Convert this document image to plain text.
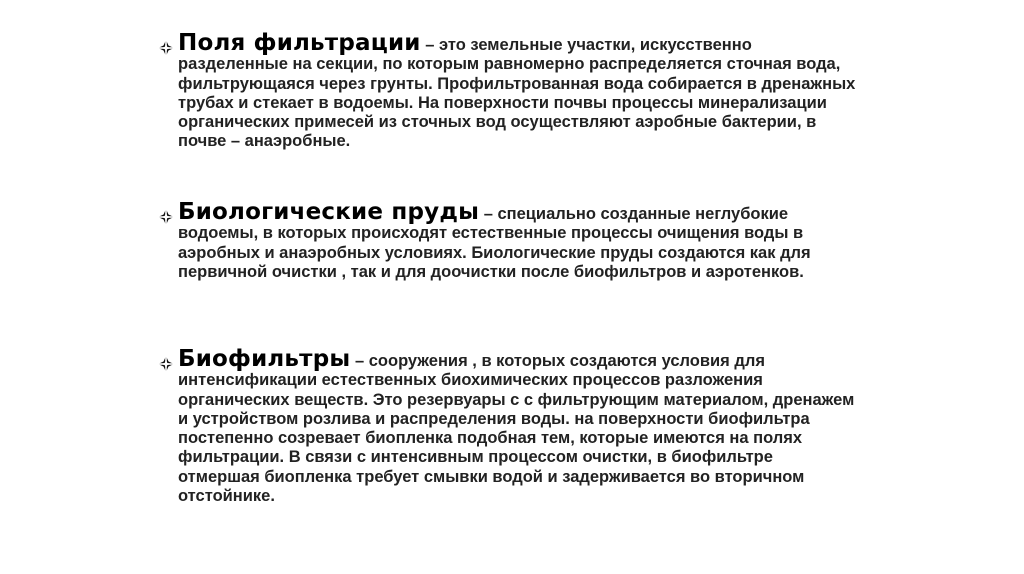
Поля фильтрации – это земельные участки, искусственно разделенные на секции, по которым равномерно распределяется сточная вода, фильтрующаяся через грунты. Профильтрованная вода собирается в дренажных трубах и стекает в водоемы. На поверхности почвы процессы минерализации органических примесей из сточных вод осуществляют аэробные бактерии, в почве – анаэробные.
Биологические пруды – специально созданные неглубокие водоемы, в которых происходят естественные процессы очищения воды в аэробных и анаэробных условиях. Биологические пруды создаются как для первичной очистки , так и для доочистки после биофильтров и аэротенков.
Биофильтры – сооружения , в которых создаются условия для интенсификации естественных биохимических процессов разложения органических веществ. Это резервуары с с фильтрующим материалом, дренажем и устройством розлива и распределения воды. на поверхности биофильтра постепенно созревает биопленка подобная тем, которые имеются на полях фильтрации. В связи с интенсивным процессом очистки, в биофильтре отмершая биопленка требует смывки водой и задерживается во вторичном отстойнике.
